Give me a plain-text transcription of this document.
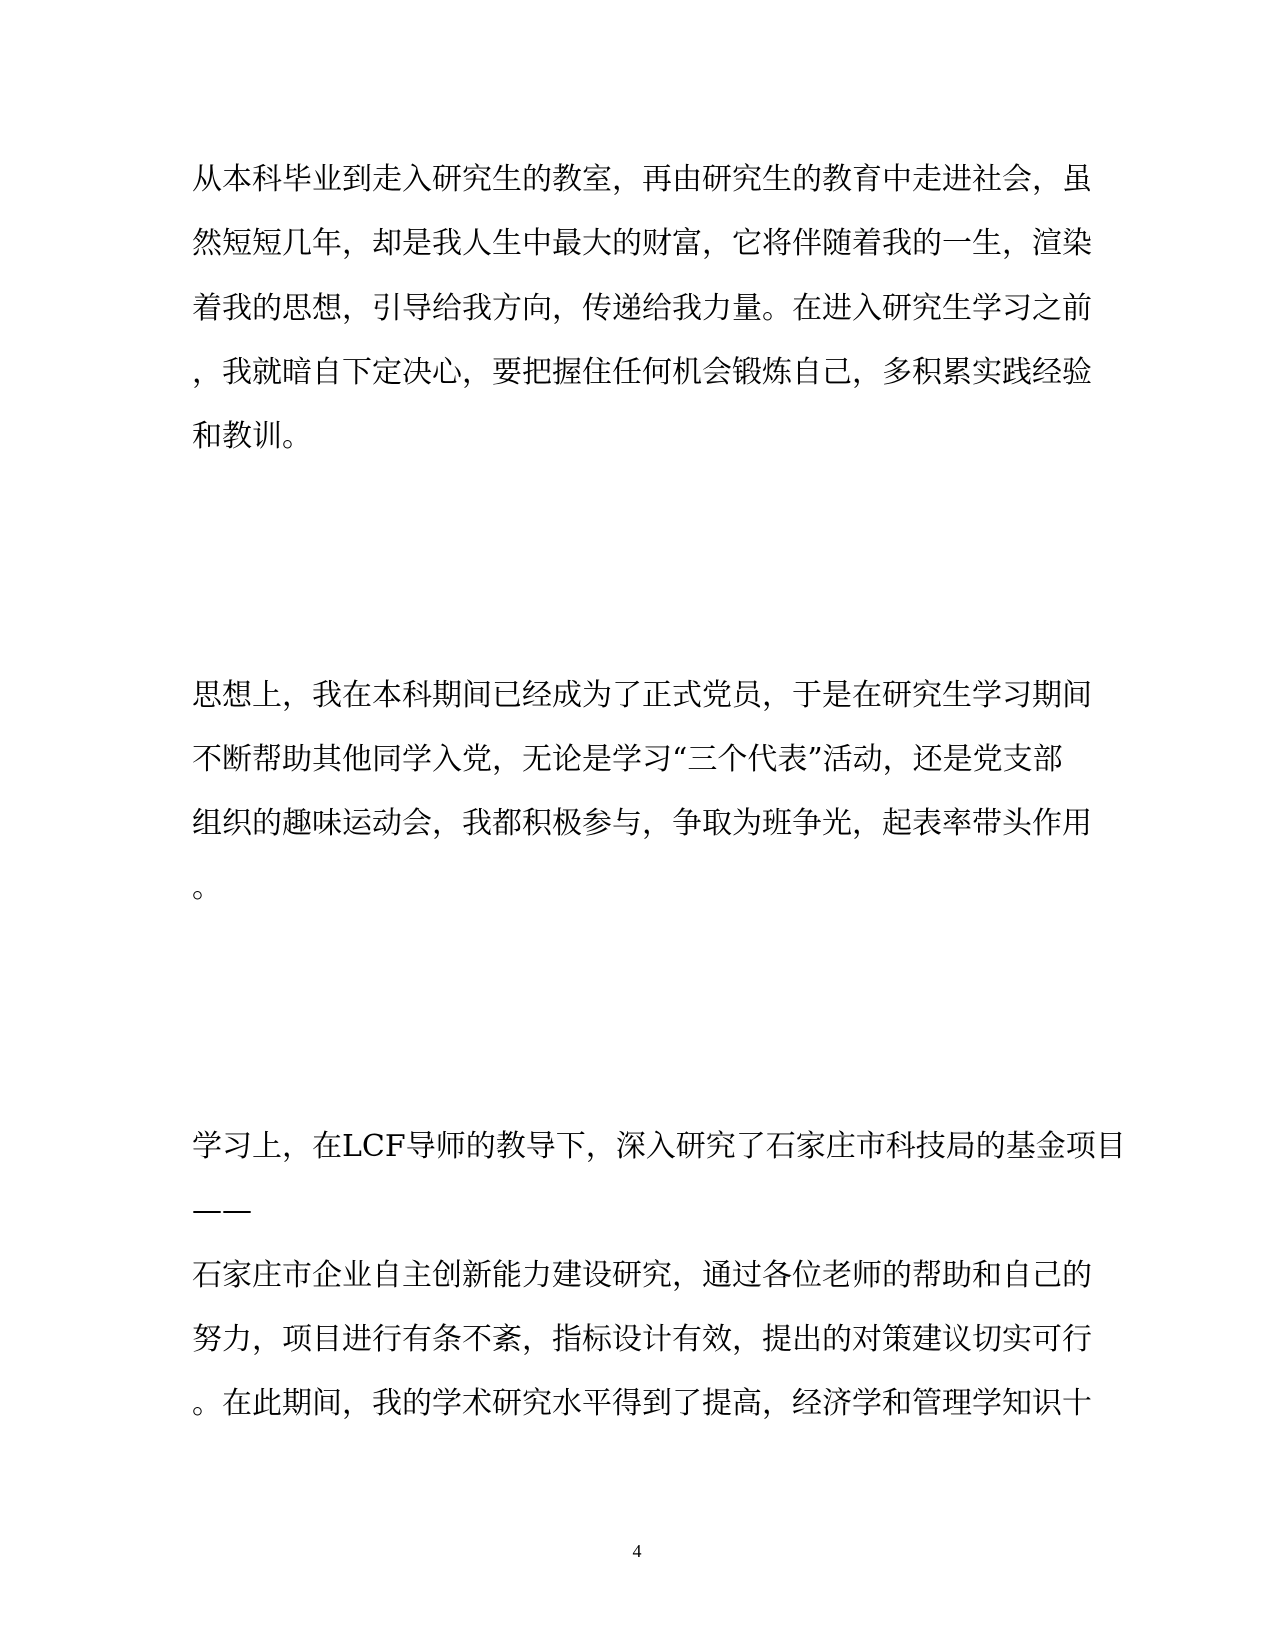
从本科毕业到走入研究生的教室，再由研究生的教育中走进社会，虽
然短短几年，却是我人生中最大的财富，它将伴随着我的一生，渲染
着我的思想，引导给我方向，传递给我力量。在进入研究生学习之前
，我就暗自下定决心，要把握住任何机会锻炼自己，多积累实践经验
和教训。
思想上，我在本科期间已经成为了正式党员，于是在研究生学习期间
不断帮助其他同学入党，无论是学习“三个代表”活动，还是党支部
组织的趣味运动会，我都积极参与，争取为班争光，起表率带头作用
。
学习上，在LCF导师的教导下，深入研究了石家庄市科技局的基金项目
——
石家庄市企业自主创新能力建设研究，通过各位老师的帮助和自己的
努力，项目进行有条不紊，指标设计有效，提出的对策建议切实可行
。在此期间，我的学术研究水平得到了提高，经济学和管理学知识十
4
